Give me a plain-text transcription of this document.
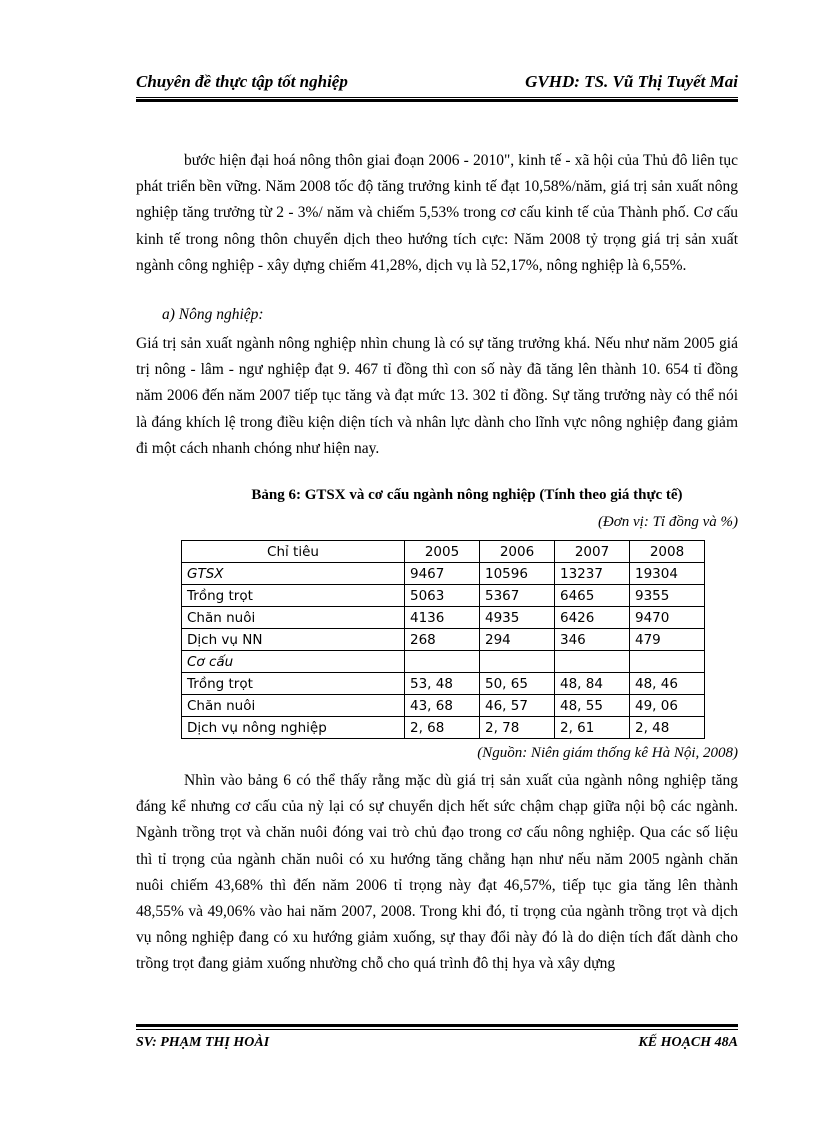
Chuyên đề thực tập tốt nghiệp	GVHD: TS. Vũ Thị Tuyết Mai

bước hiện đại hoá nông thôn giai đoạn 2006 - 2010", kinh tế - xã hội của Thủ đô liên tục phát triển bền vững. Năm 2008 tốc độ tăng trưởng kinh tế đạt 10,58%/năm, giá trị sản xuất nông nghiệp tăng trưởng từ 2 - 3%/ năm và chiếm 5,53% trong cơ cấu kinh tế của Thành phố. Cơ cấu kinh tế trong nông thôn chuyển dịch theo hướng tích cực: Năm 2008 tỷ trọng giá trị sản xuất ngành công nghiệp - xây dựng chiếm 41,28%, dịch vụ là 52,17%, nông nghiệp là 6,55%.

a) Nông nghiệp:

Giá trị sản xuất ngành nông nghiệp nhìn chung là có sự tăng trưởng khá. Nếu như năm 2005 giá trị nông - lâm - ngư nghiệp đạt 9. 467 tỉ đồng thì con số này đã tăng lên thành 10. 654 tỉ đồng năm 2006 đến năm 2007 tiếp tục tăng và đạt mức 13. 302 tỉ đồng. Sự tăng trưởng này có thể nói là đáng khích lệ trong điều kiện diện tích và nhân lực dành cho lĩnh vực nông nghiệp đang giảm đi một cách nhanh chóng như hiện nay.

Bảng 6: GTSX và cơ cấu ngành nông nghiệp (Tính theo giá thực tế)
(Đơn vị: Tỉ đồng và %)
Chỉ tiêu	2005	2006	2007	2008
GTSX	9467	10596	13237	19304
Trồng trọt	5063	5367	6465	9355
Chăn nuôi	4136	4935	6426	9470
Dịch vụ NN	268	294	346	479
Cơ cấu				
Trồng trọt	53, 48	50, 65	48, 84	48, 46
Chăn nuôi	43, 68	46, 57	48, 55	49, 06
Dịch vụ nông nghiệp	2, 68	2, 78	2, 61	2, 48
(Nguồn: Niên giám thống kê Hà Nội, 2008)

Nhìn vào bảng 6 có thể thấy rằng mặc dù giá trị sản xuất của ngành nông nghiệp tăng đáng kể nhưng cơ cấu của nỳ lại có sự chuyển dịch hết sức chậm chạp giữa nội bộ các ngành. Ngành trồng trọt và chăn nuôi đóng vai trò chủ đạo trong cơ cấu nông nghiệp. Qua các số liệu thì tỉ trọng của ngành chăn nuôi có xu hướng tăng chẳng hạn như nếu năm 2005 ngành chăn nuôi chiếm 43,68% thì đến năm 2006 tỉ trọng này đạt 46,57%, tiếp tục gia tăng lên thành 48,55% và 49,06% vào hai năm 2007, 2008. Trong khi đó, tỉ trọng của ngành trồng trọt và dịch vụ nông nghiệp đang có xu hướng giảm xuống, sự thay đổi này đó là do diện tích đất dành cho trồng trọt đang giảm xuống nhường chỗ cho quá trình đô thị hya và xây dựng

SV: PHẠM THỊ HOÀI	KẾ HOẠCH 48A
